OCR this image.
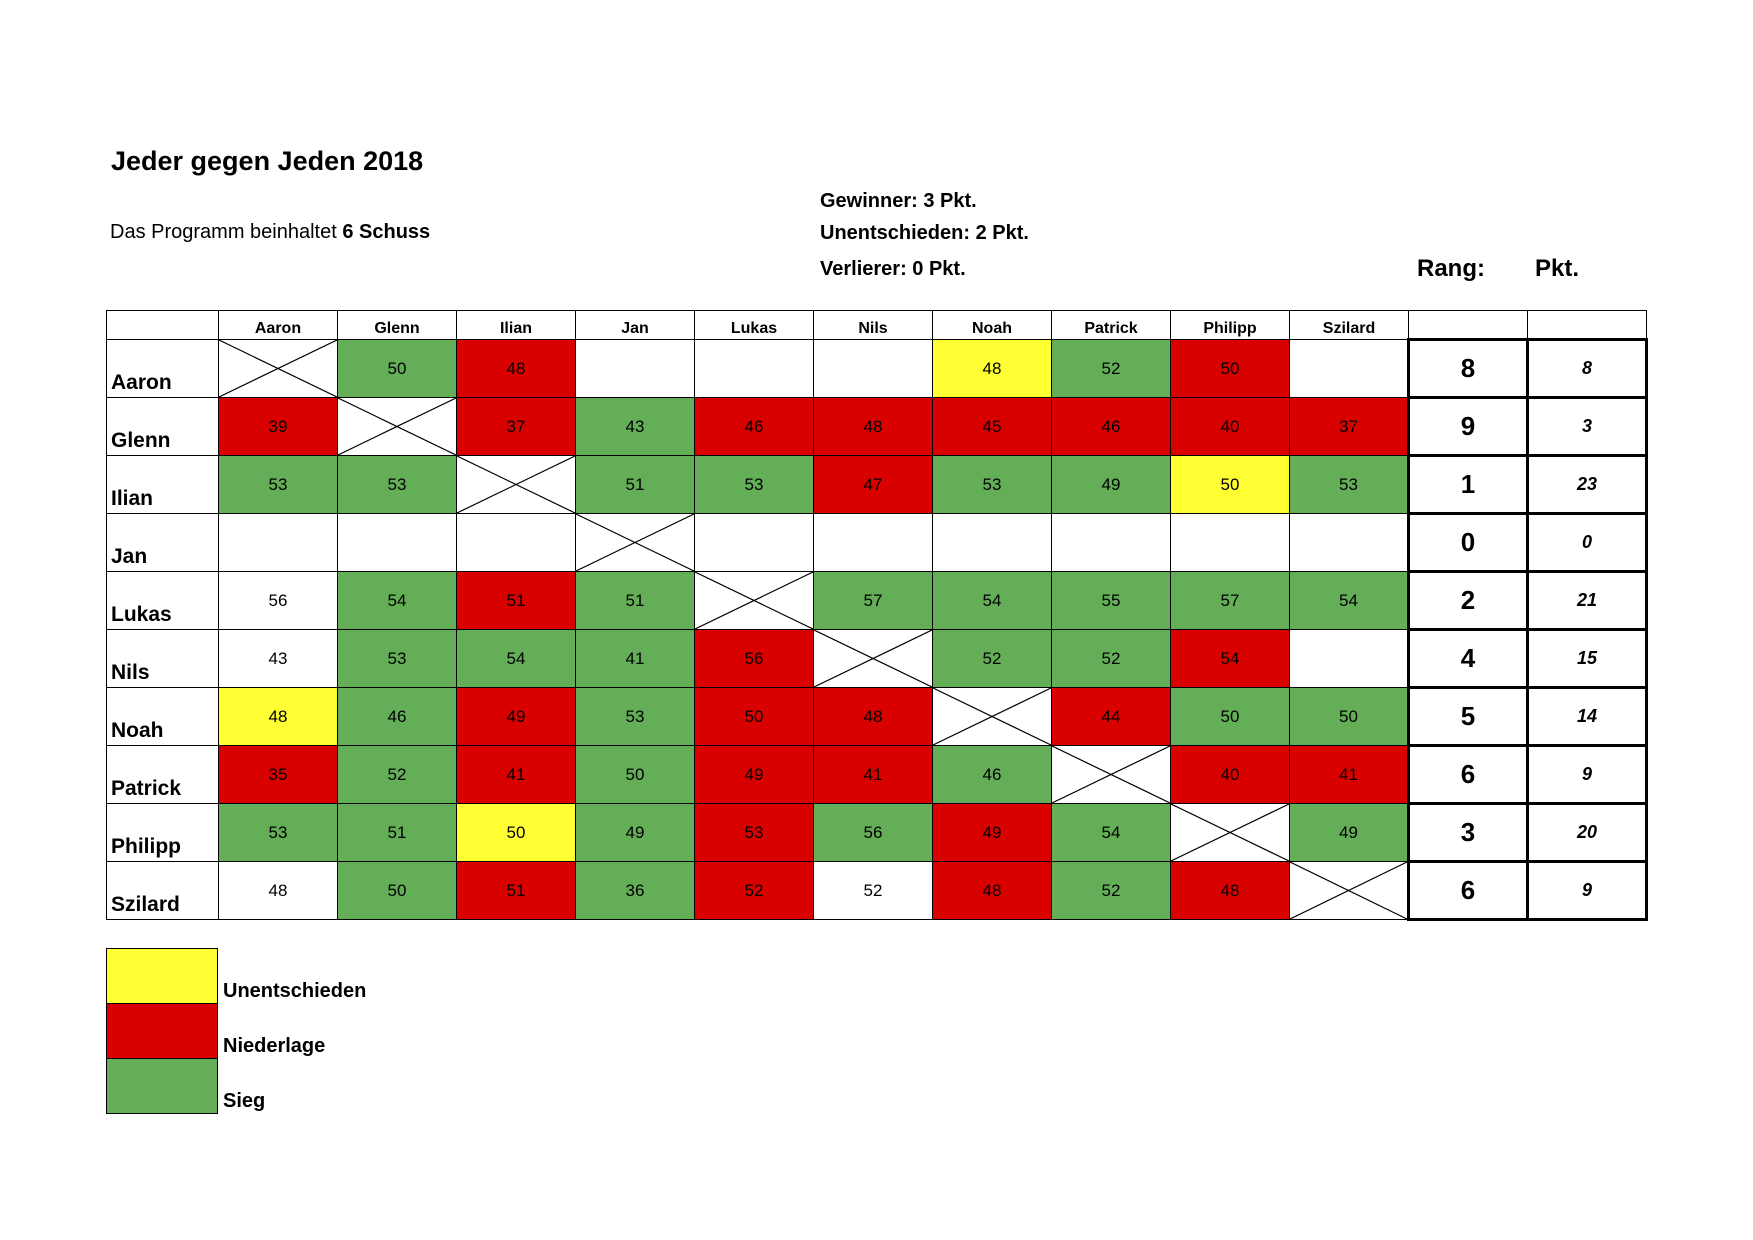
Jeder gegen Jeden 2018
Das Programm beinhaltet 6 Schuss
Gewinner: 3 Pkt.
Unentschieden: 2 Pkt.
Verlierer: 0 Pkt.	Rang: Pkt.
	Aaron	Glenn	Ilian	Jan	Lukas	Nils	Noah	Patrick	Philipp	Szilard		
Aaron		50	48				48	52	50		8	8
Glenn	39		37	43	46	48	45	46	40	37	9	3
Ilian	53	53		51	53	47	53	49	50	53	1	23
Jan											0	0
Lukas	56	54	51	51		57	54	55	57	54	2	21
Nils	43	53	54	41	56		52	52	54		4	15
Noah	48	46	49	53	50	48		44	50	50	5	14
Patrick	35	52	41	50	49	41	46		40	41	6	9
Philipp	53	51	50	49	53	56	49	54		49	3	20
Szilard	48	50	51	36	52	52	48	52	48		6	9
Unentschieden
Niederlage
Sieg
